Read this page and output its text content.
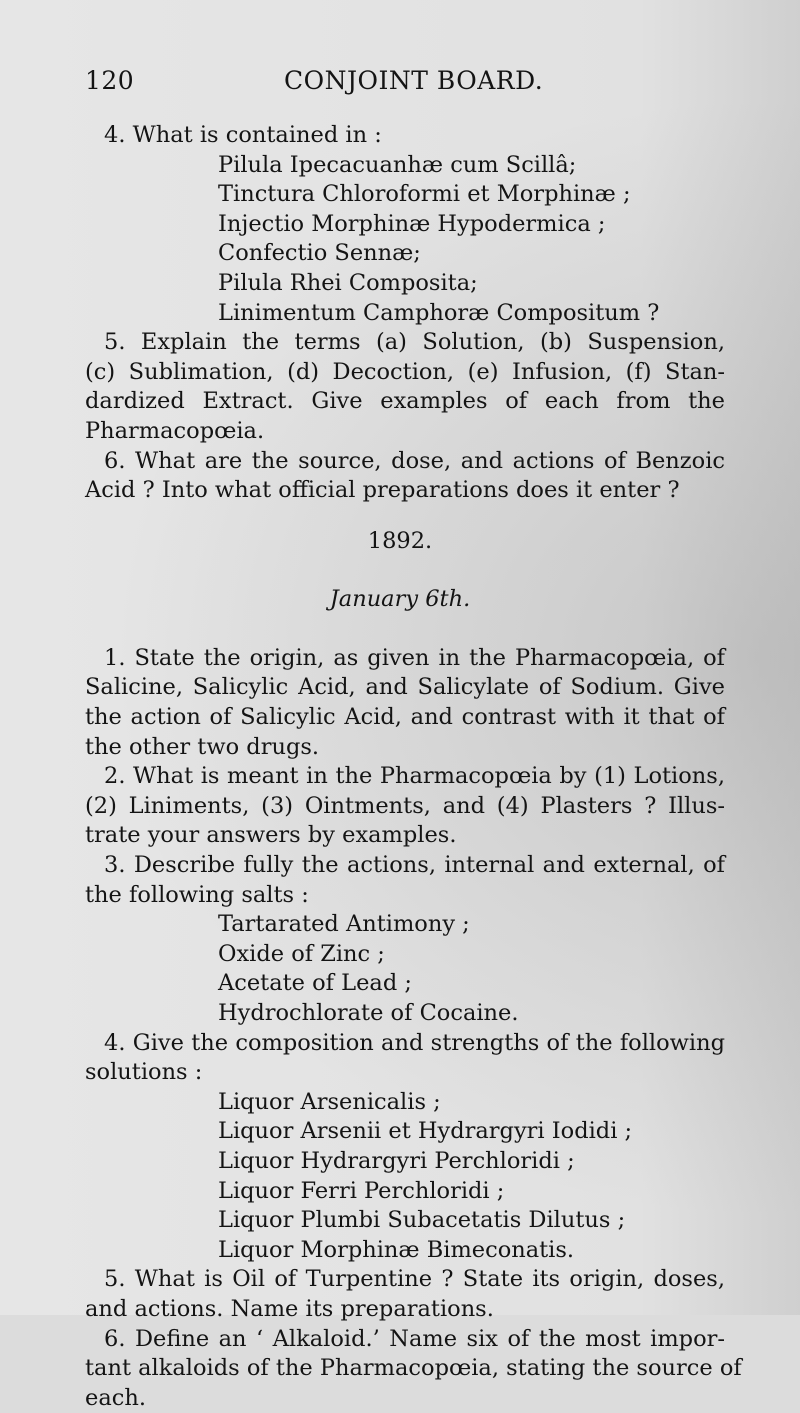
120	CONJOINT BOARD.
4. What is contained in :
Pilula Ipecacuanhæ cum Scillâ;
Tinctura Chloroformi et Morphinæ ;
Injectio Morphinæ Hypodermica ;
Confectio Sennæ;
Pilula Rhei Composita;
Linimentum Camphoræ Compositum ?
5. Explain the terms (a) Solution, (b) Suspension,
(c) Sublimation, (d) Decoction, (e) Infusion, (f) Stan-
dardized Extract. Give examples of each from the
Pharmacopœia.
6. What are the source, dose, and actions of Benzoic
Acid ? Into what official preparations does it enter ?
1892.
January 6th.
1. State the origin, as given in the Pharmacopœia, of
Salicine, Salicylic Acid, and Salicylate of Sodium. Give
the action of Salicylic Acid, and contrast with it that of
the other two drugs.
2. What is meant in the Pharmacopœia by (1) Lotions,
(2) Liniments, (3) Ointments, and (4) Plasters ? Illus-
trate your answers by examples.
3. Describe fully the actions, internal and external, of
the following salts :
Tartarated Antimony ;
Oxide of Zinc ;
Acetate of Lead ;
Hydrochlorate of Cocaine.
4. Give the composition and strengths of the following
solutions :
Liquor Arsenicalis ;
Liquor Arsenii et Hydrargyri Iodidi ;
Liquor Hydrargyri Perchloridi ;
Liquor Ferri Perchloridi ;
Liquor Plumbi Subacetatis Dilutus ;
Liquor Morphinæ Bimeconatis.
5. What is Oil of Turpentine ? State its origin, doses,
and actions. Name its preparations.
6. Define an ‘ Alkaloid.’ Name six of the most impor-
tant alkaloids of the Pharmacopœia, stating the source of
each.
